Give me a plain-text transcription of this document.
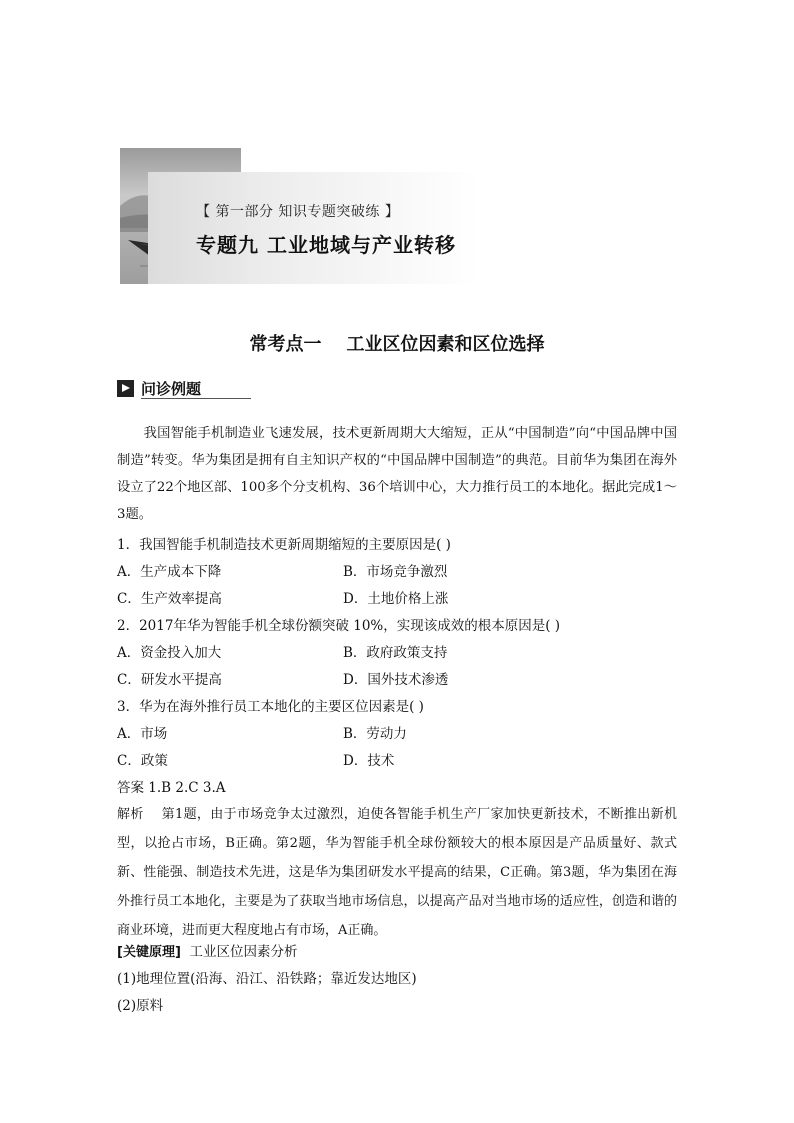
【 第一部分 知识专题突破练 】
专题九 工业地域与产业转移
常考点一    工业区位因素和区位选择
问诊例题

我国智能手机制造业飞速发展，技术更新周期大大缩短，正从“中国制造”向“中国品牌中国制造”转变。华为集团是拥有自主知识产权的“中国品牌中国制造”的典范。目前华为集团在海外设立了22个地区部、100多个分支机构、36个培训中心，大力推行员工的本地化。据此完成1～3题。

1．我国智能手机制造技术更新周期缩短的主要原因是( )
A．生产成本下降	B．市场竞争激烈
C．生产效率提高	D．土地价格上涨
2．2017年华为智能手机全球份额突破 10%，实现该成效的根本原因是( )
A．资金投入加大	B．政府政策支持
C．研发水平提高	D．国外技术渗透
3．华为在海外推行员工本地化的主要区位因素是( )
A．市场	B．劳动力
C．政策	D．技术
答案 1.B 2.C 3.A

解析 第1题，由于市场竞争太过激烈，迫使各智能手机生产厂家加快更新技术，不断推出新机型，以抢占市场，B正确。第2题，华为智能手机全球份额较大的根本原因是产品质量好、款式新、性能强、制造技术先进，这是华为集团研发水平提高的结果，C正确。第3题，华为集团在海外推行员工本地化，主要是为了获取当地市场信息，以提高产品对当地市场的适应性，创造和谐的商业环境，进而更大程度地占有市场，A正确。

[关键原理] 工业区位因素分析
(1)地理位置(沿海、沿江、沿铁路；靠近发达地区)
(2)原料
